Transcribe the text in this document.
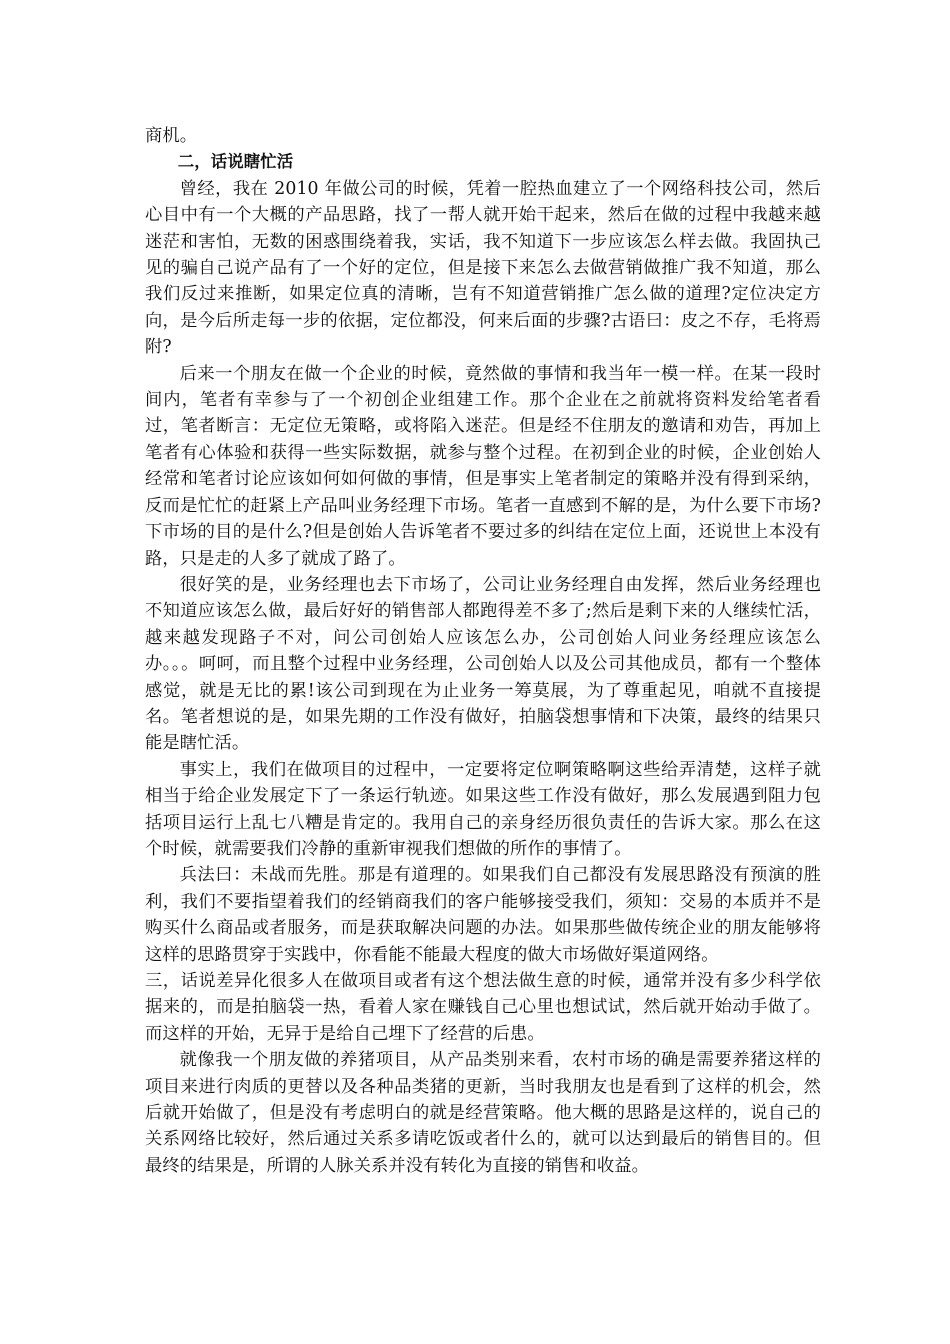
商机。

二，话说瞎忙活

曾经，我在 2010 年做公司的时候，凭着一腔热血建立了一个网络科技公司，然后心目中有一个大概的产品思路，找了一帮人就开始干起来，然后在做的过程中我越来越迷茫和害怕，无数的困惑围绕着我，实话，我不知道下一步应该怎么样去做。我固执己见的骗自己说产品有了一个好的定位，但是接下来怎么去做营销做推广我不知道，那么我们反过来推断，如果定位真的清晰，岂有不知道营销推广怎么做的道理?定位决定方向，是今后所走每一步的依据，定位都没，何来后面的步骤?古语曰：皮之不存，毛将焉附?

后来一个朋友在做一个企业的时候，竟然做的事情和我当年一模一样。在某一段时间内，笔者有幸参与了一个初创企业组建工作。那个企业在之前就将资料发给笔者看过，笔者断言：无定位无策略，或将陷入迷茫。但是经不住朋友的邀请和劝告，再加上笔者有心体验和获得一些实际数据，就参与整个过程。在初到企业的时候，企业创始人经常和笔者讨论应该如何如何做的事情，但是事实上笔者制定的策略并没有得到采纳，反而是忙忙的赶紧上产品叫业务经理下市场。笔者一直感到不解的是，为什么要下市场?下市场的目的是什么?但是创始人告诉笔者不要过多的纠结在定位上面，还说世上本没有路，只是走的人多了就成了路了。

很好笑的是，业务经理也去下市场了，公司让业务经理自由发挥，然后业务经理也不知道应该怎么做，最后好好的销售部人都跑得差不多了;然后是剩下来的人继续忙活，越来越发现路子不对，问公司创始人应该怎么办，公司创始人问业务经理应该怎么办。。。呵呵，而且整个过程中业务经理，公司创始人以及公司其他成员，都有一个整体感觉，就是无比的累!该公司到现在为止业务一筹莫展，为了尊重起见，咱就不直接提名。笔者想说的是，如果先期的工作没有做好，拍脑袋想事情和下决策，最终的结果只能是瞎忙活。

事实上，我们在做项目的过程中，一定要将定位啊策略啊这些给弄清楚，这样子就相当于给企业发展定下了一条运行轨迹。如果这些工作没有做好，那么发展遇到阻力包括项目运行上乱七八糟是肯定的。我用自己的亲身经历很负责任的告诉大家。那么在这个时候，就需要我们冷静的重新审视我们想做的所作的事情了。

兵法曰：未战而先胜。那是有道理的。如果我们自己都没有发展思路没有预演的胜利，我们不要指望着我们的经销商我们的客户能够接受我们，须知：交易的本质并不是购买什么商品或者服务，而是获取解决问题的办法。如果那些做传统企业的朋友能够将这样的思路贯穿于实践中，你看能不能最大程度的做大市场做好渠道网络。

三，话说差异化很多人在做项目或者有这个想法做生意的时候，通常并没有多少科学依据来的，而是拍脑袋一热，看着人家在赚钱自己心里也想试试，然后就开始动手做了。而这样的开始，无异于是给自己埋下了经营的后患。

就像我一个朋友做的养猪项目，从产品类别来看，农村市场的确是需要养猪这样的项目来进行肉质的更替以及各种品类猪的更新，当时我朋友也是看到了这样的机会，然后就开始做了，但是没有考虑明白的就是经营策略。他大概的思路是这样的，说自己的关系网络比较好，然后通过关系多请吃饭或者什么的，就可以达到最后的销售目的。但最终的结果是，所谓的人脉关系并没有转化为直接的销售和收益。
